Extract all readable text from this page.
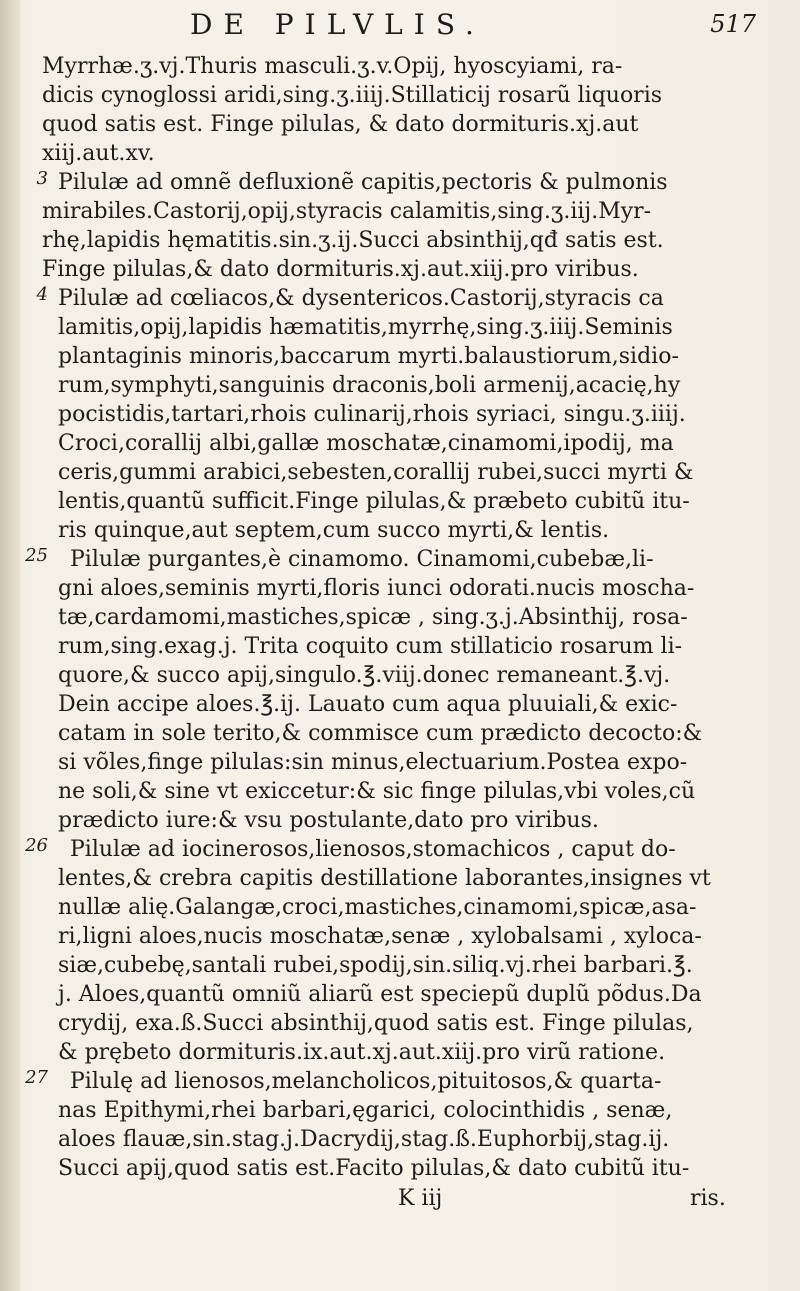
DE PILVLIS.	517
Myrrhæ.ʒ.vj.Thuris masculi.ʒ.v.Opij, hyoscyiami, ra-
dicis cynoglossi aridi,sing.ʒ.iiij.Stillaticij rosarũ liquoris
quod satis est. Finge pilulas, & dato dormituris.xj.aut
xiij.aut.xv.
3 Pilulæ ad omnẽ defluxionẽ capitis,pectoris & pulmonis
mirabiles.Castorij,opij,styracis calamitis,sing.ʒ.iij.Myr-
rhę,lapidis hęmatitis.sin.ʒ.ij.Succi absinthij,qđ satis est.
Finge pilulas,& dato dormituris.xj.aut.xiij.pro viribus.
4 Pilulæ ad cœliacos,& dysentericos.Castorij,styracis ca
lamitis,opij,lapidis hæmatitis,myrrhę,sing.ʒ.iiij.Seminis
plantaginis minoris,baccarum myrti.balaustiorum,sidio-
rum,symphyti,sanguinis draconis,boli armenij,acacię,hy
pocistidis,tartari,rhois culinarij,rhois syriaci, singu.ʒ.iiij.
Croci,corallij albi,gallæ moschatæ,cinamomi,ipodij, ma
ceris,gummi arabici,sebesten,corallij rubei,succi myrti &
lentis,quantũ sufficit.Finge pilulas,& præbeto cubitũ itu-
ris quinque,aut septem,cum succo myrti,& lentis.
25 Pilulæ purgantes,è cinamomo. Cinamomi,cubebæ,li-
gni aloes,seminis myrti,floris iunci odorati.nucis moscha-
tæ,cardamomi,mastiches,spicæ , sing.ʒ.j.Absinthij, rosa-
rum,sing.exag.j. Trita coquito cum stillaticio rosarum li-
quore,& succo apij,singulo.℥.viij.donec remaneant.℥.vj.
Dein accipe aloes.℥.ij. Lauato cum aqua pluuiali,& exic-
catam in sole terito,& commisce cum prædicto decocto:&
si võles,finge pilulas:sin minus,electuarium.Postea expo-
ne soli,& sine vt exiccetur:& sic finge pilulas,vbi voles,cũ
prædicto iure:& vsu postulante,dato pro viribus.
26 Pilulæ ad iocinerosos,lienosos,stomachicos , caput do-
lentes,& crebra capitis destillatione laborantes,insignes vt
nullæ alię.Galangæ,croci,mastiches,cinamomi,spicæ,asa-
ri,ligni aloes,nucis moschatæ,senæ , xylobalsami , xyloca-
siæ,cubebę,santali rubei,spodij,sin.siliq.vj.rhei barbari.℥.
j. Aloes,quantũ omniũ aliarũ est speciерũ duplũ põdus.Da
crydij, exa.ß.Succi absinthij,quod satis est. Finge pilulas,
& prębeto dormituris.ix.aut.xj.aut.xiij.pro virũ ratione.
27 Pilulę ad lienosos,melancholicos,pituitosos,& quarta-
nas Epithymi,rhei barbari,ęgarici, colocinthidis , senæ,
aloes flauæ,sin.stag.j.Dacrydij,stag.ß.Euphorbij,stag.ij.
Succi apij,quod satis est.Facito pilulas,& dato cubitũ itu-
K iij	ris.
